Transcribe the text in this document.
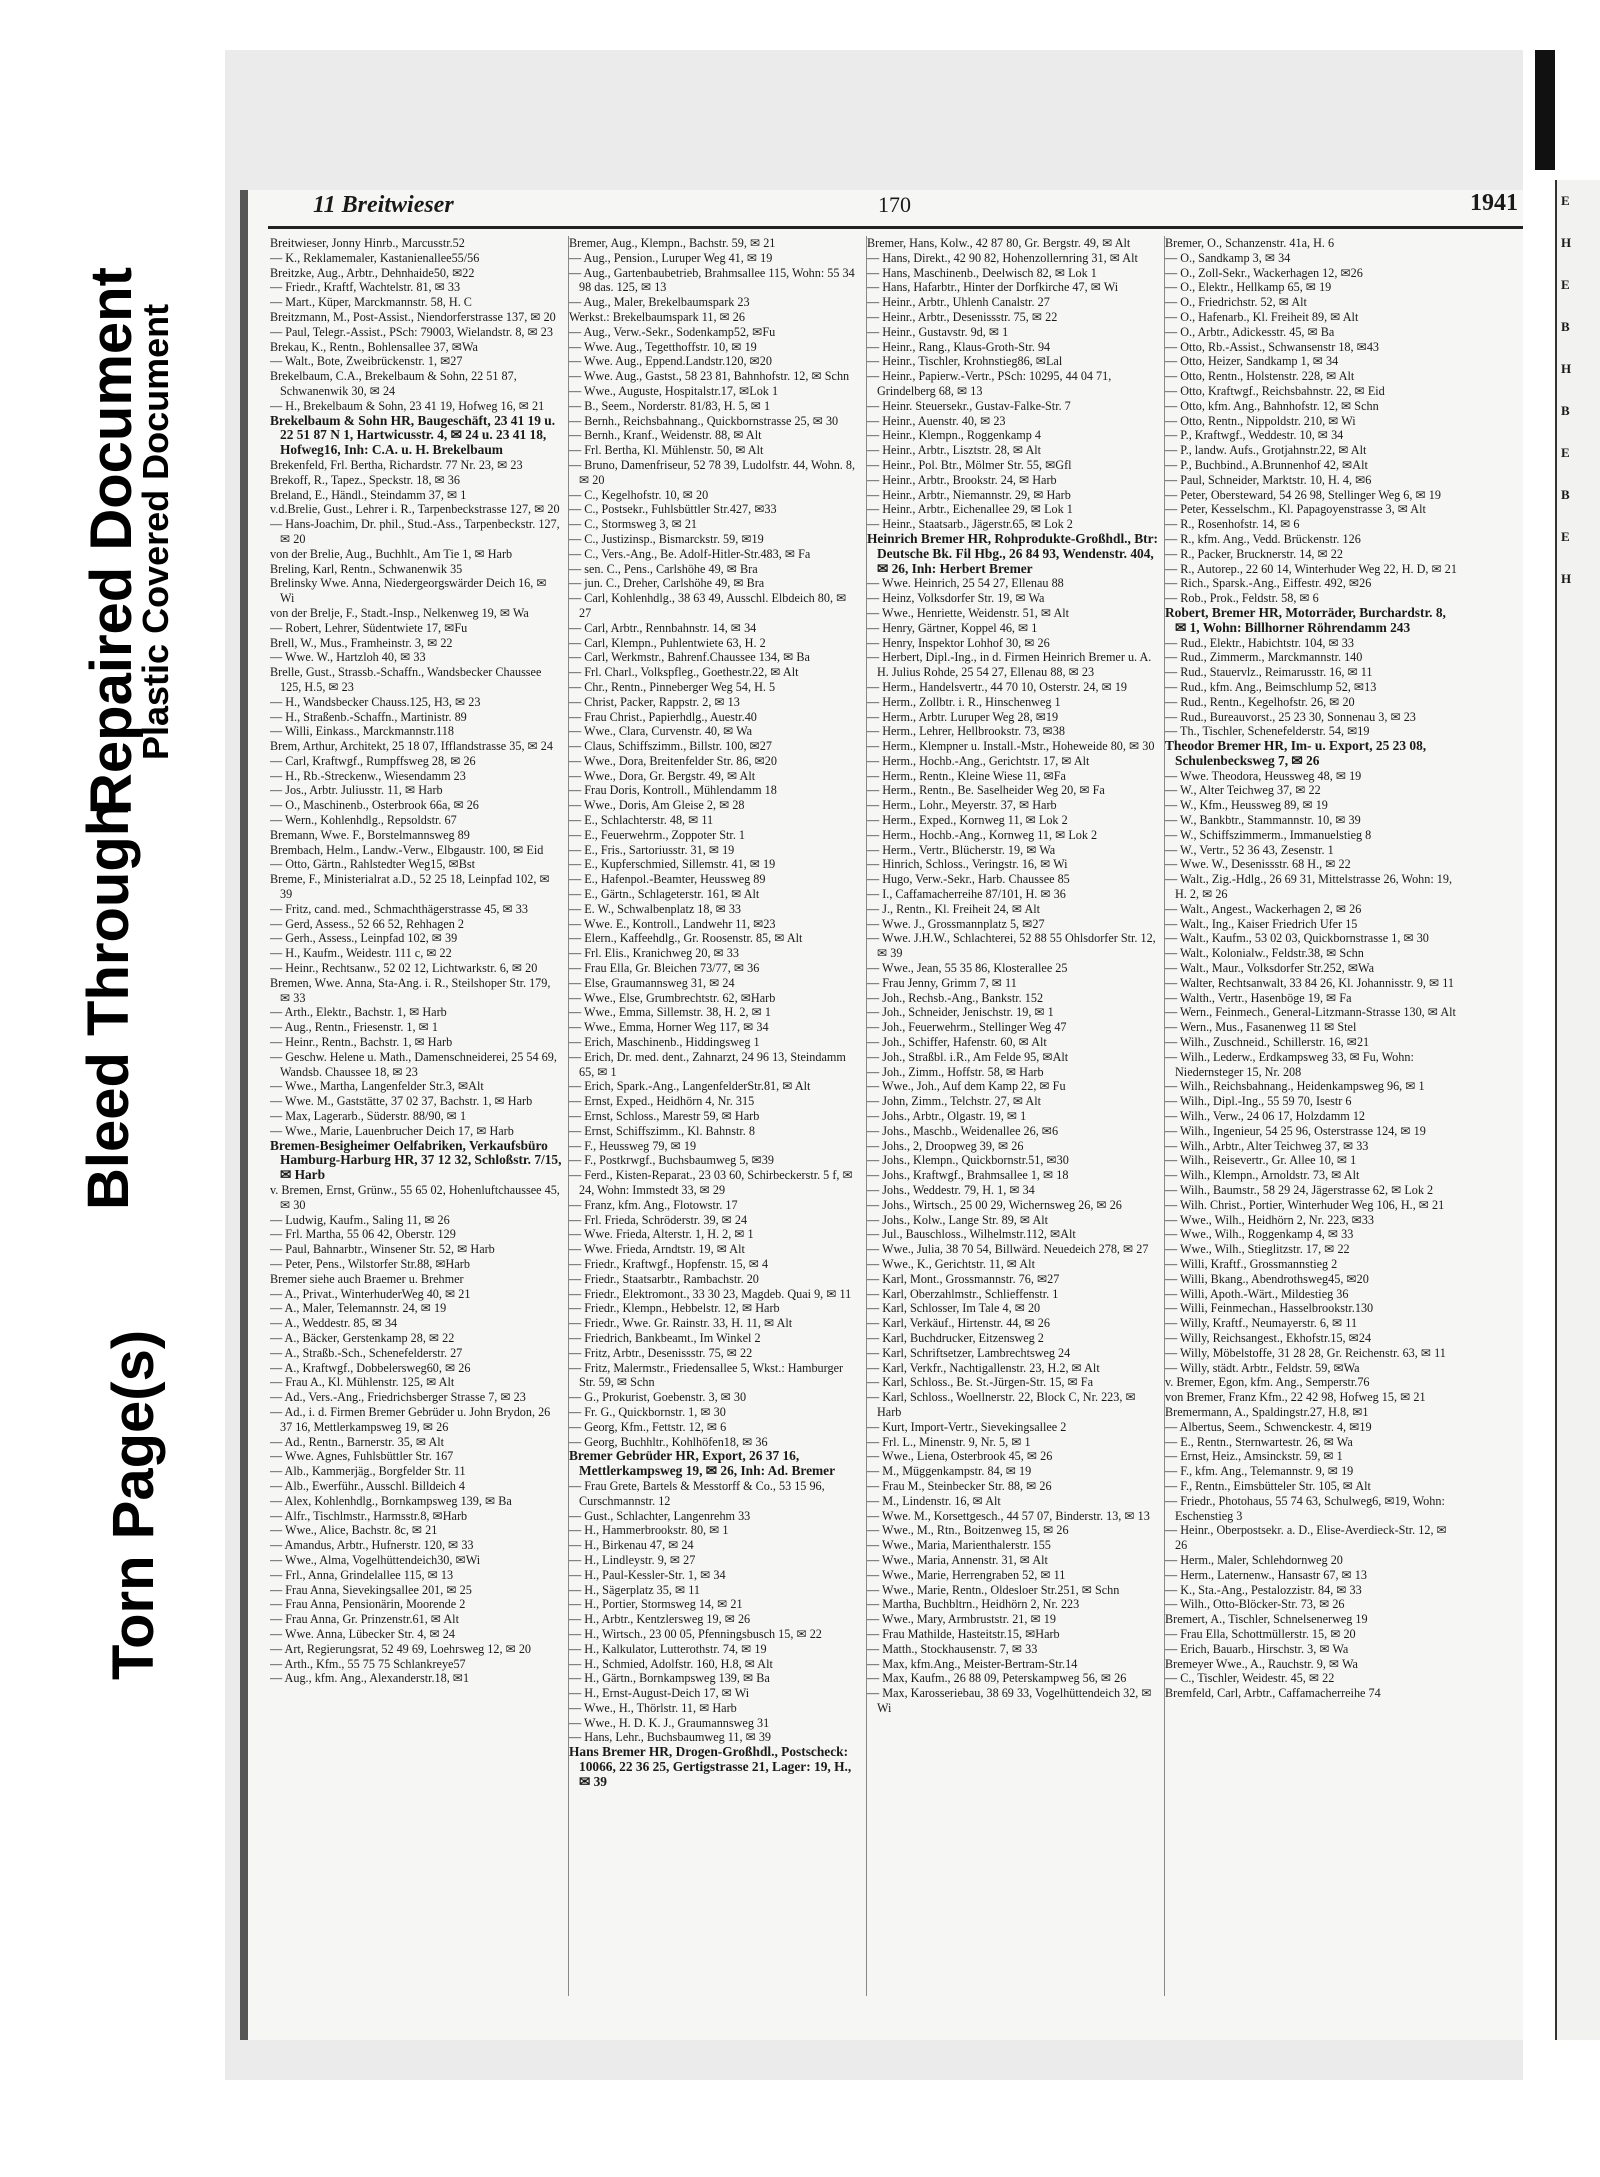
Torn Page(s)
Bleed Through
Repaired Document
Plastic Covered Document
11 Breitwieser	170	1941
Breitwieser, Jonny Hinrb., Marcusstr.52
— K., Reklamemaler, Kastanienallee55/56
Breitzke, Aug., Arbtr., Dehnhaide50, ✉22
— Friedr., Kraftf, Wachtelstr. 81, ✉ 33
— Mart., Küper, Marckmannstr. 58, H. C
Breitzmann, M., Post-Assist., Niendorferstrasse 137, ✉ 20
— Paul, Telegr.-Assist., PSch: 79003, Wielandstr. 8, ✉ 23
Brekau, K., Rentn., Bohlensallee 37, ✉Wa
— Walt., Bote, Zweibrückenstr. 1, ✉27
Brekelbaum, C.A., Brekelbaum & Sohn, 22 51 87, Schwanenwik 30, ✉ 24
— H., Brekelbaum & Sohn, 23 41 19, Hofweg 16, ✉ 21
Brekelbaum & Sohn HR, Baugeschäft, 23 41 19 u. 22 51 87 N 1, Hartwicusstr. 4, ✉ 24 u. 23 41 18, Hofweg16, Inh: C.A. u. H. Brekelbaum
Brekenfeld, Frl. Bertha, Richardstr. 77 Nr. 23, ✉ 23
Brekoff, R., Tapez., Speckstr. 18, ✉ 36
Breland, E., Händl., Steindamm 37, ✉ 1
v.d.Brelie, Gust., Lehrer i. R., Tarpenbeckstrasse 127, ✉ 20
— Hans-Joachim, Dr. phil., Stud.-Ass., Tarpenbeckstr. 127, ✉ 20
von der Brelie, Aug., Buchhlt., Am Tie 1, ✉ Harb
Breling, Karl, Rentn., Schwanenwik 35
Brelinsky Wwe. Anna, Niedergeorgswärder Deich 16, ✉ Wi
von der Brelje, F., Stadt.-Insp., Nelkenweg 19, ✉ Wa
— Robert, Lehrer, Südentwiete 17, ✉Fu
Brell, W., Mus., Framheinstr. 3, ✉ 22
— Wwe. W., Hartzloh 40, ✉ 33
Brelle, Gust., Strassb.-Schaffn., Wandsbecker Chaussee 125, H.5, ✉ 23
— H., Wandsbecker Chauss.125, H3, ✉ 23
— H., Straßenb.-Schaffn., Martinistr. 89
— Willi, Einkass., Marckmannstr.118
Brem, Arthur, Architekt, 25 18 07, Ifflandstrasse 35, ✉ 24
— Carl, Kraftwgf., Rumpffsweg 28, ✉ 26
— H., Rb.-Streckenw., Wiesendamm 23
— Jos., Arbtr. Juliusstr. 11, ✉ Harb
— O., Maschinenb., Osterbrook 66a, ✉ 26
— Wern., Kohlenhdlg., Repsoldstr. 67
Bremann, Wwe. F., Borstelmannsweg 89
Brembach, Helm., Landw.-Verw., Elbgaustr. 100, ✉ Eid
— Otto, Gärtn., Rahlstedter Weg15, ✉Bst
Breme, F., Ministerialrat a.D., 52 25 18, Leinpfad 102, ✉ 39
— Fritz, cand. med., Schmachthägerstrasse 45, ✉ 33
— Gerd, Assess., 52 66 52, Rehhagen 2
— Gerh., Assess., Leinpfad 102, ✉ 39
— H., Kaufm., Weidestr. 111 c, ✉ 22
— Heinr., Rechtsanw., 52 02 12, Lichtwarkstr. 6, ✉ 20
Bremen, Wwe. Anna, Sta-Ang. i. R., Steilshoper Str. 179, ✉ 33
— Arth., Elektr., Bachstr. 1, ✉ Harb
— Aug., Rentn., Friesenstr. 1, ✉ 1
— Heinr., Rentn., Bachstr. 1, ✉ Harb
— Geschw. Helene u. Math., Damenschneiderei, 25 54 69, Wandsb. Chaussee 18, ✉ 23
— Wwe., Martha, Langenfelder Str.3, ✉Alt
— Wwe. M., Gaststätte, 37 02 37, Bachstr. 1, ✉ Harb
— Max, Lagerarb., Süderstr. 88/90, ✉ 1
— Wwe., Marie, Lauenbrucher Deich 17, ✉ Harb
Bremen-Besigheimer Oelfabriken, Verkaufsbüro Hamburg-Harburg HR, 37 12 32, Schloßstr. 7/15, ✉ Harb
v. Bremen, Ernst, Grünw., 55 65 02, Hohenluftchaussee 45, ✉ 30
— Ludwig, Kaufm., Saling 11, ✉ 26
— Frl. Martha, 55 06 42, Oberstr. 129
— Paul, Bahnarbtr., Winsener Str. 52, ✉ Harb
— Peter, Pens., Wilstorfer Str.88, ✉Harb
Bremer siehe auch Braemer u. Brehmer
— A., Privat., WinterhuderWeg 40, ✉ 21
— A., Maler, Telemannstr. 24, ✉ 19
— A., Weddestr. 85, ✉ 34
— A., Bäcker, Gerstenkamp 28, ✉ 22
— A., Straßb.-Sch., Schenefelderstr. 27
— A., Kraftwgf., Dobbelersweg60, ✉ 26
— Frau A., Kl. Mühlenstr. 125, ✉ Alt
— Ad., Vers.-Ang., Friedrichsberger Strasse 7, ✉ 23
— Ad., i. d. Firmen Bremer Gebrüder u. John Brydon, 26 37 16, Mettlerkampsweg 19, ✉ 26
— Ad., Rentn., Barnerstr. 35, ✉ Alt
— Wwe. Agnes, Fuhlsbüttler Str. 167
— Alb., Kammerjäg., Borgfelder Str. 11
— Alb., Ewerführ., Ausschl. Billdeich 4
— Alex, Kohlenhdlg., Bornkampsweg 139, ✉ Ba
— Alfr., Tischlmstr., Harmsstr.8, ✉Harb
— Wwe., Alice, Bachstr. 8c, ✉ 21
— Amandus, Arbtr., Hufnerstr. 120, ✉ 33
— Wwe., Alma, Vogelhüttendeich30, ✉Wi
— Frl., Anna, Grindelallee 115, ✉ 13
— Frau Anna, Sievekingsallee 201, ✉ 25
— Frau Anna, Pensionärin, Moorende 2
— Frau Anna, Gr. Prinzenstr.61, ✉ Alt
— Wwe. Anna, Lübecker Str. 4, ✉ 24
— Art, Regierungsrat, 52 49 69, Loehrsweg 12, ✉ 20
— Arth., Kfm., 55 75 75 Schlankreye57
— Aug., kfm. Ang., Alexanderstr.18, ✉1
Bremer, Aug., Klempn., Bachstr. 59, ✉ 21
— Aug., Pension., Luruper Weg 41, ✉ 19
— Aug., Gartenbaubetrieb, Brahmsallee 115, Wohn: 55 34 98 das. 125, ✉ 13
— Aug., Maler, Brekelbaumspark 23
Werkst.: Brekelbaumspark 11, ✉ 26
— Aug., Verw.-Sekr., Sodenkamp52, ✉Fu
— Wwe. Aug., Tegetthoffstr. 10, ✉ 19
— Wwe. Aug., Eppend.Landstr.120, ✉20
— Wwe. Aug., Gastst., 58 23 81, Bahnhofstr. 12, ✉ Schn
— Wwe., Auguste, Hospitalstr.17, ✉Lok 1
— B., Seem., Norderstr. 81/83, H. 5, ✉ 1
— Bernh., Reichsbahnang., Quickbornstrasse 25, ✉ 30
— Bernh., Kranf., Weidenstr. 88, ✉ Alt
— Frl. Bertha, Kl. Mühlenstr. 50, ✉ Alt
— Bruno, Damenfriseur, 52 78 39, Ludolfstr. 44, Wohn. 8, ✉ 20
— C., Kegelhofstr. 10, ✉ 20
— C., Postsekr., Fuhlsbüttler Str.427, ✉33
— C., Stormsweg 3, ✉ 21
— C., Justizinsp., Bismarckstr. 59, ✉19
— C., Vers.-Ang., Be. Adolf-Hitler-Str.483, ✉ Fa
— sen. C., Pens., Carlshöhe 49, ✉ Bra
— jun. C., Dreher, Carlshöhe 49, ✉ Bra
— Carl, Kohlenhdlg., 38 63 49, Ausschl. Elbdeich 80, ✉ 27
— Carl, Arbtr., Rennbahnstr. 14, ✉ 34
— Carl, Klempn., Puhlentwiete 63, H. 2
— Carl, Werkmstr., Bahrenf.Chaussee 134, ✉ Ba
— Frl. Charl., Volkspfleg., Goethestr.22, ✉ Alt
— Chr., Rentn., Pinneberger Weg 54, H. 5
— Christ, Packer, Rappstr. 2, ✉ 13
— Frau Christ., Papierhdlg., Auestr.40
— Wwe., Clara, Curvenstr. 40, ✉ Wa
— Claus, Schiffszimm., Billstr. 100, ✉27
— Wwe., Dora, Breitenfelder Str. 86, ✉20
— Wwe., Dora, Gr. Bergstr. 49, ✉ Alt
— Frau Doris, Kontroll., Mühlendamm 18
— Wwe., Doris, Am Gleise 2, ✉ 28
— E., Schlachterstr. 48, ✉ 11
— E., Feuerwehrm., Zoppoter Str. 1
— E., Fris., Sartoriusstr. 31, ✉ 19
— E., Kupferschmied, Sillemstr. 41, ✉ 19
— E., Hafenpol.-Beamter, Heussweg 89
— E., Gärtn., Schlageterstr. 161, ✉ Alt
— E. W., Schwalbenplatz 18, ✉ 33
— Wwe. E., Kontroll., Landwehr 11, ✉23
— Elern., Kaffeehdlg., Gr. Roosenstr. 85, ✉ Alt
— Frl. Elis., Kranichweg 20, ✉ 33
— Frau Ella, Gr. Bleichen 73/77, ✉ 36
— Else, Graumannsweg 31, ✉ 24
— Wwe., Else, Grumbrechtstr. 62, ✉Harb
— Wwe., Emma, Sillemstr. 38, H. 2, ✉ 1
— Wwe., Emma, Horner Weg 117, ✉ 34
— Erich, Maschinenb., Hiddingsweg 1
— Erich, Dr. med. dent., Zahnarzt, 24 96 13, Steindamm 65, ✉ 1
— Erich, Spark.-Ang., LangenfelderStr.81, ✉ Alt
— Ernst, Exped., Heidhörn 4, Nr. 315
— Ernst, Schloss., Marestr 59, ✉ Harb
— Ernst, Schiffszimm., Kl. Bahnstr. 8
— F., Heussweg 79, ✉ 19
— F., Postkrwgf., Buchsbaumweg 5, ✉39
— Ferd., Kisten-Reparat., 23 03 60, Schirbeckerstr. 5 f, ✉ 24, Wohn: Immstedt 33, ✉ 29
— Franz, kfm. Ang., Flotowstr. 17
— Frl. Frieda, Schröderstr. 39, ✉ 24
— Wwe. Frieda, Alterstr. 1, H. 2, ✉ 1
— Wwe. Frieda, Arndtstr. 19, ✉ Alt
— Friedr., Kraftwgf., Hopfenstr. 15, ✉ 4
— Friedr., Staatsarbtr., Rambachstr. 20
— Friedr., Elektromont., 33 30 23, Magdeb. Quai 9, ✉ 11
— Friedr., Klempn., Hebbelstr. 12, ✉ Harb
— Friedr., Wwe. Gr. Rainstr. 33, H. 11, ✉ Alt
— Friedrich, Bankbeamt., Im Winkel 2
— Fritz, Arbtr., Desenissstr. 75, ✉ 22
— Fritz, Malermstr., Friedensallee 5, Wkst.: Hamburger Str. 59, ✉ Schn
— G., Prokurist, Goebenstr. 3, ✉ 30
— Fr. G., Quickbornstr. 1, ✉ 30
— Georg, Kfm., Fettstr. 12, ✉ 6
— Georg, Buchhltr., Kohlhöfen18, ✉ 36
Bremer Gebrüder HR, Export, 26 37 16, Mettlerkampsweg 19, ✉ 26, Inh: Ad. Bremer
— Frau Grete, Bartels & Messtorff & Co., 53 15 96, Curschmannstr. 12
— Gust., Schlachter, Langenrehm 33
— H., Hammerbrookstr. 80, ✉ 1
— H., Birkenau 47, ✉ 24
— H., Lindleystr. 9, ✉ 27
— H., Paul-Kessler-Str. 1, ✉ 34
— H., Sägerplatz 35, ✉ 11
— H., Portier, Stormsweg 14, ✉ 21
— H., Arbtr., Kentzlersweg 19, ✉ 26
— H., Wirtsch., 23 00 05, Pfenningsbusch 15, ✉ 22
— H., Kalkulator, Lutterothstr. 74, ✉ 19
— H., Schmied, Adolfstr. 160, H.8, ✉ Alt
— H., Gärtn., Bornkampsweg 139, ✉ Ba
— H., Ernst-August-Deich 17, ✉ Wi
— Wwe., H., Thörlstr. 11, ✉ Harb
— Wwe., H. D. K. J., Graumannsweg 31
— Hans, Lehr., Buchsbaumweg 11, ✉ 39
Hans Bremer HR, Drogen-Großhdl., Postscheck: 10066, 22 36 25, Gertigstrasse 21, Lager: 19, H., ✉ 39
Bremer, Hans, Kolw., 42 87 80, Gr. Bergstr. 49, ✉ Alt
— Hans, Direkt., 42 90 82, Hohenzollernring 31, ✉ Alt
— Hans, Maschinenb., Deelwisch 82, ✉ Lok 1
— Hans, Hafarbtr., Hinter der Dorfkirche 47, ✉ Wi
— Heinr., Arbtr., Uhlenh Canalstr. 27
— Heinr., Arbtr., Desenissstr. 75, ✉ 22
— Heinr., Gustavstr. 9d, ✉ 1
— Heinr., Rang., Klaus-Groth-Str. 94
— Heinr., Tischler, Krohnstieg86, ✉Lal
— Heinr., Papierw.-Vertr., PSch: 10295, 44 04 71, Grindelberg 68, ✉ 13
— Heinr. Steuersekr., Gustav-Falke-Str. 7
— Heinr., Auenstr. 40, ✉ 23
— Heinr., Klempn., Roggenkamp 4
— Heinr., Arbtr., Lisztstr. 28, ✉ Alt
— Heinr., Pol. Btr., Mölmer Str. 55, ✉Gfl
— Heinr., Arbtr., Brookstr. 24, ✉ Harb
— Heinr., Arbtr., Niemannstr. 29, ✉ Harb
— Heinr., Arbtr., Eichenallee 29, ✉ Lok 1
— Heinr., Staatsarb., Jägerstr.65, ✉ Lok 2
Heinrich Bremer HR, Rohprodukte-Großhdl., Btr: Deutsche Bk. Fil Hbg., 26 84 93, Wendenstr. 404, ✉ 26, Inh: Herbert Bremer
— Wwe. Heinrich, 25 54 27, Ellenau 88
— Heinz, Volksdorfer Str. 19, ✉ Wa
— Wwe., Henriette, Weidenstr. 51, ✉ Alt
— Henry, Gärtner, Koppel 46, ✉ 1
— Henry, Inspektor Lohhof 30, ✉ 26
— Herbert, Dipl.-Ing., in d. Firmen Heinrich Bremer u. A. H. Julius Rohde, 25 54 27, Ellenau 88, ✉ 23
— Herm., Handelsvertr., 44 70 10, Osterstr. 24, ✉ 19
— Herm., Zollbtr. i. R., Hinschenweg 1
— Herm., Arbtr. Luruper Weg 28, ✉19
— Herm., Lehrer, Hellbrookstr. 73, ✉38
— Herm., Klempner u. Install.-Mstr., Hoheweide 80, ✉ 30
— Herm., Hochb.-Ang., Gerichtstr. 17, ✉ Alt
— Herm., Rentn., Kleine Wiese 11, ✉Fa
— Herm., Rentn., Be. Saselheider Weg 20, ✉ Fa
— Herm., Lohr., Meyerstr. 37, ✉ Harb
— Herm., Exped., Kornweg 11, ✉ Lok 2
— Herm., Hochb.-Ang., Kornweg 11, ✉ Lok 2
— Herm., Vertr., Blücherstr. 19, ✉ Wa
— Hinrich, Schloss., Veringstr. 16, ✉ Wi
— Hugo, Verw.-Sekr., Harb. Chaussee 85
— I., Caffamacherreihe 87/101, H. ✉ 36
— J., Rentn., Kl. Freiheit 24, ✉ Alt
— Wwe. J., Grossmannplatz 5, ✉27
— Wwe. J.H.W., Schlachterei, 52 88 55 Ohlsdorfer Str. 12, ✉ 39
— Wwe., Jean, 55 35 86, Klosterallee 25
— Frau Jenny, Grimm 7, ✉ 11
— Joh., Rechsb.-Ang., Bankstr. 152
— Joh., Schneider, Jenischstr. 19, ✉ 1
— Joh., Feuerwehrm., Stellinger Weg 47
— Joh., Schiffer, Hafenstr. 60, ✉ Alt
— Joh., Straßbl. i.R., Am Felde 95, ✉Alt
— Joh., Zimm., Hoffstr. 58, ✉ Harb
— Wwe., Joh., Auf dem Kamp 22, ✉ Fu
— John, Zimm., Telchstr. 27, ✉ Alt
— Johs., Arbtr., Olgastr. 19, ✉ 1
— Johs., Maschb., Weidenallee 26, ✉6
— Johs., 2, Droopweg 39, ✉ 26
— Johs., Klempn., Quickbornstr.51, ✉30
— Johs., Kraftwgf., Brahmsallee 1, ✉ 18
— Johs., Weddestr. 79, H. 1, ✉ 34
— Johs., Wirtsch., 25 00 29, Wichernsweg 26, ✉ 26
— Johs., Kolw., Lange Str. 89, ✉ Alt
— Jul., Bauschloss., Wilhelmstr.112, ✉Alt
— Wwe., Julia, 38 70 54, Billwärd. Neuedeich 278, ✉ 27
— Wwe., K., Gerichtstr. 11, ✉ Alt
— Karl, Mont., Grossmannstr. 76, ✉27
— Karl, Oberzahlmstr., Schlieffenstr. 1
— Karl, Schlosser, Im Tale 4, ✉ 20
— Karl, Verkäuf., Hirtenstr. 44, ✉ 26
— Karl, Buchdrucker, Eitzensweg 2
— Karl, Schriftsetzer, Lambrechtsweg 24
— Karl, Verkfr., Nachtigallenstr. 23, H.2, ✉ Alt
— Karl, Schloss., Be. St.-Jürgen-Str. 15, ✉ Fa
— Karl, Schloss., Woellnerstr. 22, Block C, Nr. 223, ✉ Harb
— Kurt, Import-Vertr., Sievekingsallee 2
— Frl. L., Minenstr. 9, Nr. 5, ✉ 1
— Wwe., Liena, Osterbrook 45, ✉ 26
— M., Müggenkampstr. 84, ✉ 19
— Frau M., Steinbecker Str. 88, ✉ 26
— M., Lindenstr. 16, ✉ Alt
— Wwe. M., Korsettgesch., 44 57 07, Binderstr. 13, ✉ 13
— Wwe., M., Rtn., Boitzenweg 15, ✉ 26
— Wwe., Maria, Marienthalerstr. 155
— Wwe., Maria, Annenstr. 31, ✉ Alt
— Wwe., Marie, Herrengraben 52, ✉ 11
— Wwe., Marie, Rentn., Oldesloer Str.251, ✉ Schn
— Martha, Buchbltrn., Heidhörn 2, Nr. 223
— Wwe., Mary, Armbruststr. 21, ✉ 19
— Frau Mathilde, Hasteitstr.15, ✉Harb
— Matth., Stockhausenstr. 7, ✉ 33
— Max, kfm.Ang., Meister-Bertram-Str.14
— Max, Kaufm., 26 88 09, Peterskampweg 56, ✉ 26
— Max, Karosseriebau, 38 69 33, Vogelhüttendeich 32, ✉ Wi
Bremer, O., Schanzenstr. 41a, H. 6
— O., Sandkamp 3, ✉ 34
— O., Zoll-Sekr., Wackerhagen 12, ✉26
— O., Elektr., Hellkamp 65, ✉ 19
— O., Friedrichstr. 52, ✉ Alt
— O., Hafenarb., Kl. Freiheit 89, ✉ Alt
— O., Arbtr., Adickesstr. 45, ✉ Ba
— Otto, Rb.-Assist., Schwansenstr 18, ✉43
— Otto, Heizer, Sandkamp 1, ✉ 34
— Otto, Rentn., Holstenstr. 228, ✉ Alt
— Otto, Kraftwgf., Reichsbahnstr. 22, ✉ Eid
— Otto, kfm. Ang., Bahnhofstr. 12, ✉ Schn
— Otto, Rentn., Nippoldstr. 210, ✉ Wi
— P., Kraftwgf., Weddestr. 10, ✉ 34
— P., landw. Aufs., Grotjahnstr.22, ✉ Alt
— P., Buchbind., A.Brunnenhof 42, ✉Alt
— Paul, Schneider, Marktstr. 10, H. 4, ✉6
— Peter, Obersteward, 54 26 98, Stellinger Weg 6, ✉ 19
— Peter, Kesselschm., Kl. Papagoyenstrasse 3, ✉ Alt
— R., Rosenhofstr. 14, ✉ 6
— R., kfm. Ang., Vedd. Brückenstr. 126
— R., Packer, Brucknerstr. 14, ✉ 22
— R., Autorep., 22 60 14, Winterhuder Weg 22, H. D, ✉ 21
— Rich., Sparsk.-Ang., Eiffestr. 492, ✉26
— Rob., Prok., Feldstr. 58, ✉ 6
Robert, Bremer HR, Motorräder, Burchardstr. 8, ✉ 1, Wohn: Billhorner Röhrendamm 243
— Rud., Elektr., Habichtstr. 104, ✉ 33
— Rud., Zimmerm., Marckmannstr. 140
— Rud., Stauervlz., Reimarusstr. 16, ✉ 11
— Rud., kfm. Ang., Beimschlump 52, ✉13
— Rud., Rentn., Kegelhofstr. 26, ✉ 20
— Rud., Bureauvorst., 25 23 30, Sonnenau 3, ✉ 23
— Th., Tischler, Schenefelderstr. 54, ✉19
Theodor Bremer HR, Im- u. Export, 25 23 08, Schulenbecksweg 7, ✉ 26
— Wwe. Theodora, Heussweg 48, ✉ 19
— W., Alter Teichweg 37, ✉ 22
— W., Kfm., Heussweg 89, ✉ 19
— W., Bankbtr., Stammannstr. 10, ✉ 39
— W., Schiffszimmerm., Immanuelstieg 8
— W., Vertr., 52 36 43, Zesenstr. 1
— Wwe. W., Desenissstr. 68 H., ✉ 22
— Walt., Zig.-Hdlg., 26 69 31, Mittelstrasse 26, Wohn: 19, H. 2, ✉ 26
— Walt., Angest., Wackerhagen 2, ✉ 26
— Walt., Ing., Kaiser Friedrich Ufer 15
— Walt., Kaufm., 53 02 03, Quickbornstrasse 1, ✉ 30
— Walt., Kolonialw., Feldstr.38, ✉ Schn
— Walt., Maur., Volksdorfer Str.252, ✉Wa
— Walter, Rechtsanwalt, 33 84 26, Kl. Johannisstr. 9, ✉ 11
— Walth., Vertr., Hasenböge 19, ✉ Fa
— Wern., Feinmech., General-Litzmann-Strasse 130, ✉ Alt
— Wern., Mus., Fasanenweg 11 ✉ Stel
— Wilh., Zuschneid., Schillerstr. 16, ✉21
— Wilh., Lederw., Erdkampsweg 33, ✉ Fu, Wohn: Niedernsteger 15, Nr. 208
— Wilh., Reichsbahnang., Heidenkampsweg 96, ✉ 1
— Wilh., Dipl.-Ing., 55 59 70, Isestr 6
— Wilh., Verw., 24 06 17, Holzdamm 12
— Wilh., Ingenieur, 54 25 96, Osterstrasse 124, ✉ 19
— Wilh., Arbtr., Alter Teichweg 37, ✉ 33
— Wilh., Reisevertr., Gr. Allee 10, ✉ 1
— Wilh., Klempn., Arnoldstr. 73, ✉ Alt
— Wilh., Baumstr., 58 29 24, Jägerstrasse 62, ✉ Lok 2
— Wilh. Christ., Portier, Winterhuder Weg 106, H., ✉ 21
— Wwe., Wilh., Heidhörn 2, Nr. 223, ✉33
— Wwe., Wilh., Roggenkamp 4, ✉ 33
— Wwe., Wilh., Stieglitzstr. 17, ✉ 22
— Willi, Kraftf., Grossmannstieg 2
— Willi, Bkang., Abendrothsweg45, ✉20
— Willi, Apoth.-Wärt., Mildestieg 36
— Willi, Feinmechan., Hasselbrookstr.130
— Willy, Kraftf., Neumayerstr. 6, ✉ 11
— Willy, Reichsangest., Ekhofstr.15, ✉24
— Willy, Möbelstoffe, 31 28 28, Gr. Reichenstr. 63, ✉ 11
— Willy, städt. Arbtr., Feldstr. 59, ✉Wa
v. Bremer, Egon, kfm. Ang., Semperstr.76
von Bremer, Franz Kfm., 22 42 98, Hofweg 15, ✉ 21
Bremermann, A., Spaldingstr.27, H.8, ✉1
— Albertus, Seem., Schwenckestr. 4, ✉19
— E., Rentn., Sternwartestr. 26, ✉ Wa
— Ernst, Heiz., Amsinckstr. 59, ✉ 1
— F., kfm. Ang., Telemannstr. 9, ✉ 19
— F., Rentn., Eimsbütteler Str. 105, ✉ Alt
— Friedr., Photohaus, 55 74 63, Schulweg6, ✉19, Wohn: Eschenstieg 3
— Heinr., Oberpostsekr. a. D., Elise-Averdieck-Str. 12, ✉ 26
— Herm., Maler, Schlehdornweg 20
— Herm., Laternenw., Hansastr 67, ✉ 13
— K., Sta.-Ang., Pestalozzistr. 84, ✉ 33
— Wilh., Otto-Blöcker-Str. 73, ✉ 26
Bremert, A., Tischler, Schnelsenerweg 19
— Frau Ella, Schottmüllerstr. 15, ✉ 20
— Erich, Bauarb., Hirschstr. 3, ✉ Wa
Bremeyer Wwe., A., Rauchstr. 9, ✉ Wa
— C., Tischler, Weidestr. 45, ✉ 22
Bremfeld, Carl, Arbtr., Caffamacherreihe 74
E
H
E
B
H
B
E
B
E
H
